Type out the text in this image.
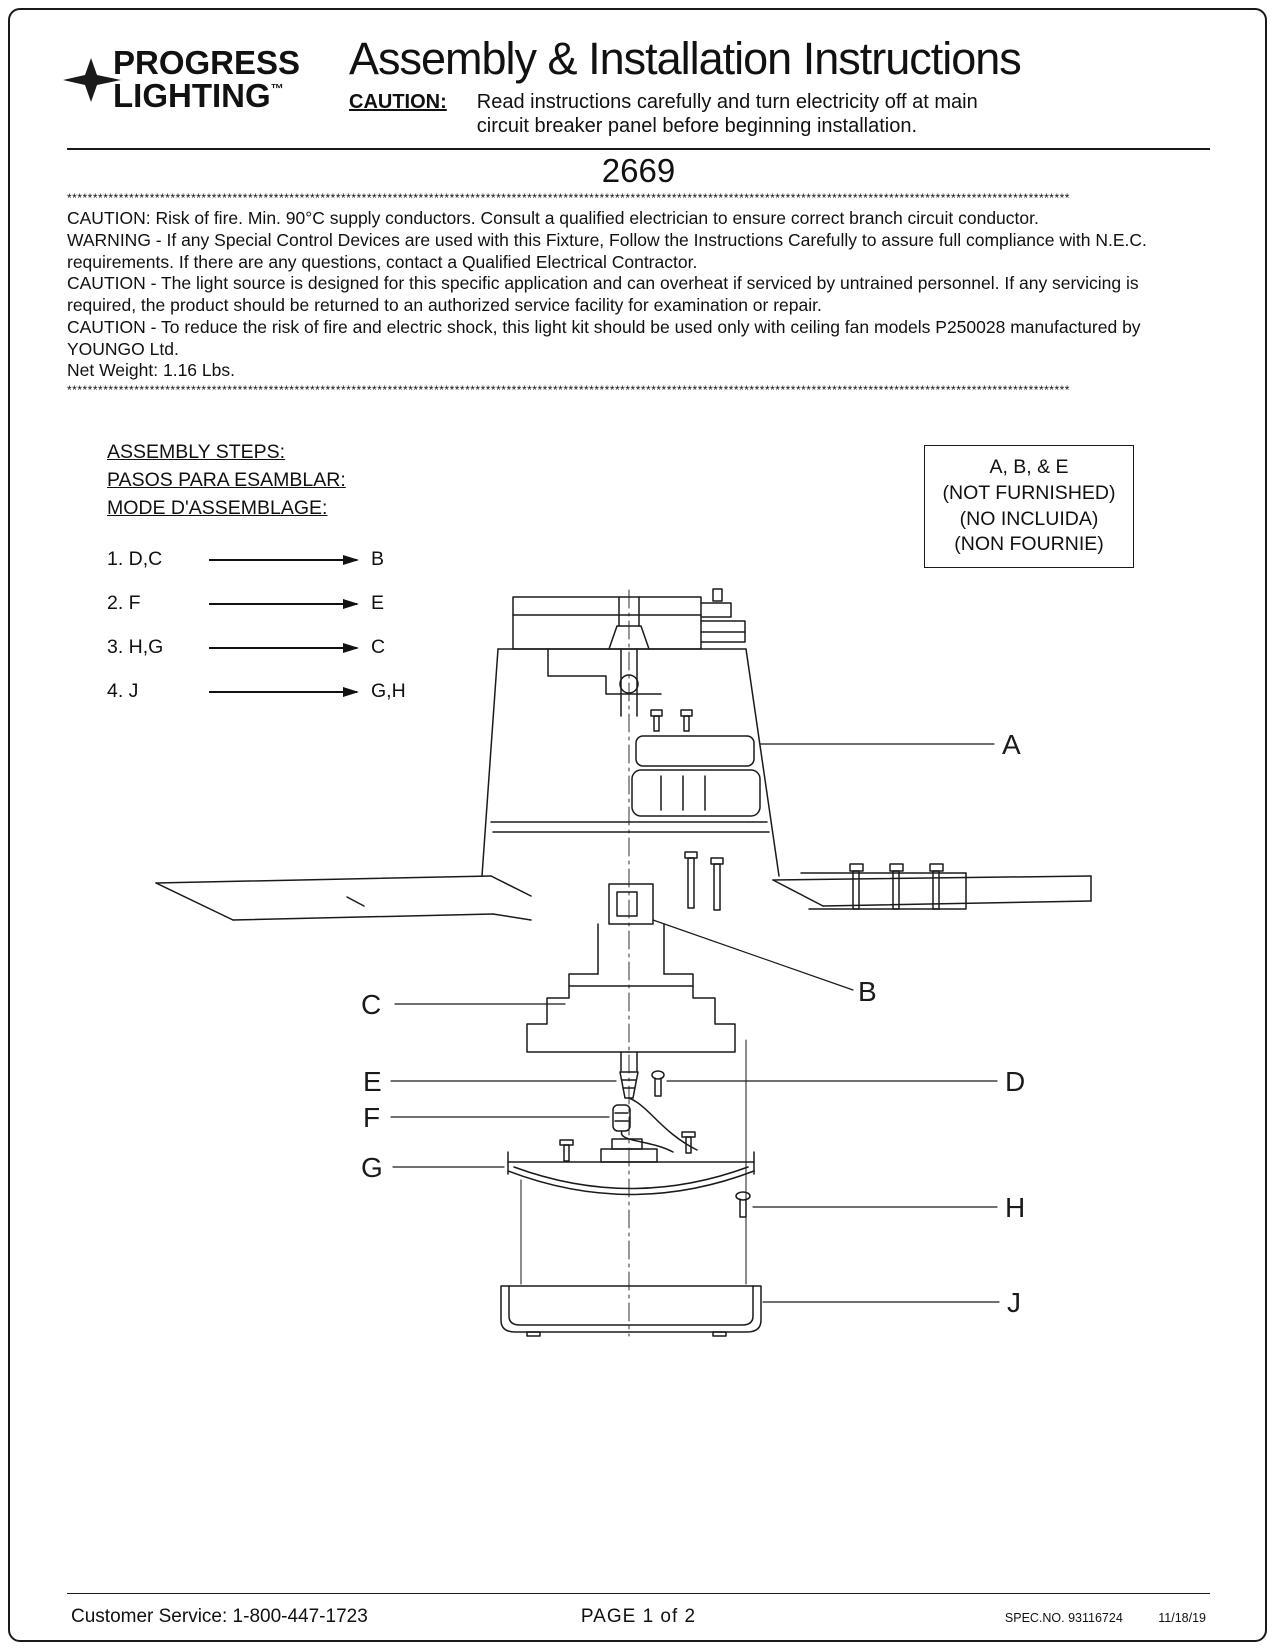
PROGRESS
LIGHTING™
Assembly & Installation Instructions
CAUTION: Read instructions carefully and turn electricity off at main
circuit breaker panel before beginning installation.
2669
**************************************************************************************************************************************************************************************************

CAUTION: Risk of fire. Min. 90°C supply conductors. Consult a qualified electrician to ensure correct branch circuit conductor.

WARNING - If any Special Control Devices are used with this Fixture, Follow the Instructions Carefully to assure full compliance with N.E.C. requirements. If there are any questions, contact a Qualified Electrical Contractor.

CAUTION - The light source is designed for this specific application and can overheat if serviced by untrained personnel. If any servicing is required, the product should be returned to an authorized service facility for examination or repair.

CAUTION - To reduce the risk of fire and electric shock, this light kit should be used only with ceiling fan models P250028 manufactured by YOUNGO Ltd.

Net Weight: 1.16 Lbs.

**************************************************************************************************************************************************************************************************
ASSEMBLY STEPS:
PASOS PARA ESAMBLAR:
MODE D'ASSEMBLAGE:
1. D,C	B
2. F	E
3. H,G	C
4. J	G,H
A, B, & E
(NOT FURNISHED)
(NO INCLUIDA)
(NON FOURNIE)
A
B
C
D
E
F
G
H
J
Customer Service: 1-800-447-1723	PAGE 1 of 2	SPEC.NO. 93116724	11/18/19
